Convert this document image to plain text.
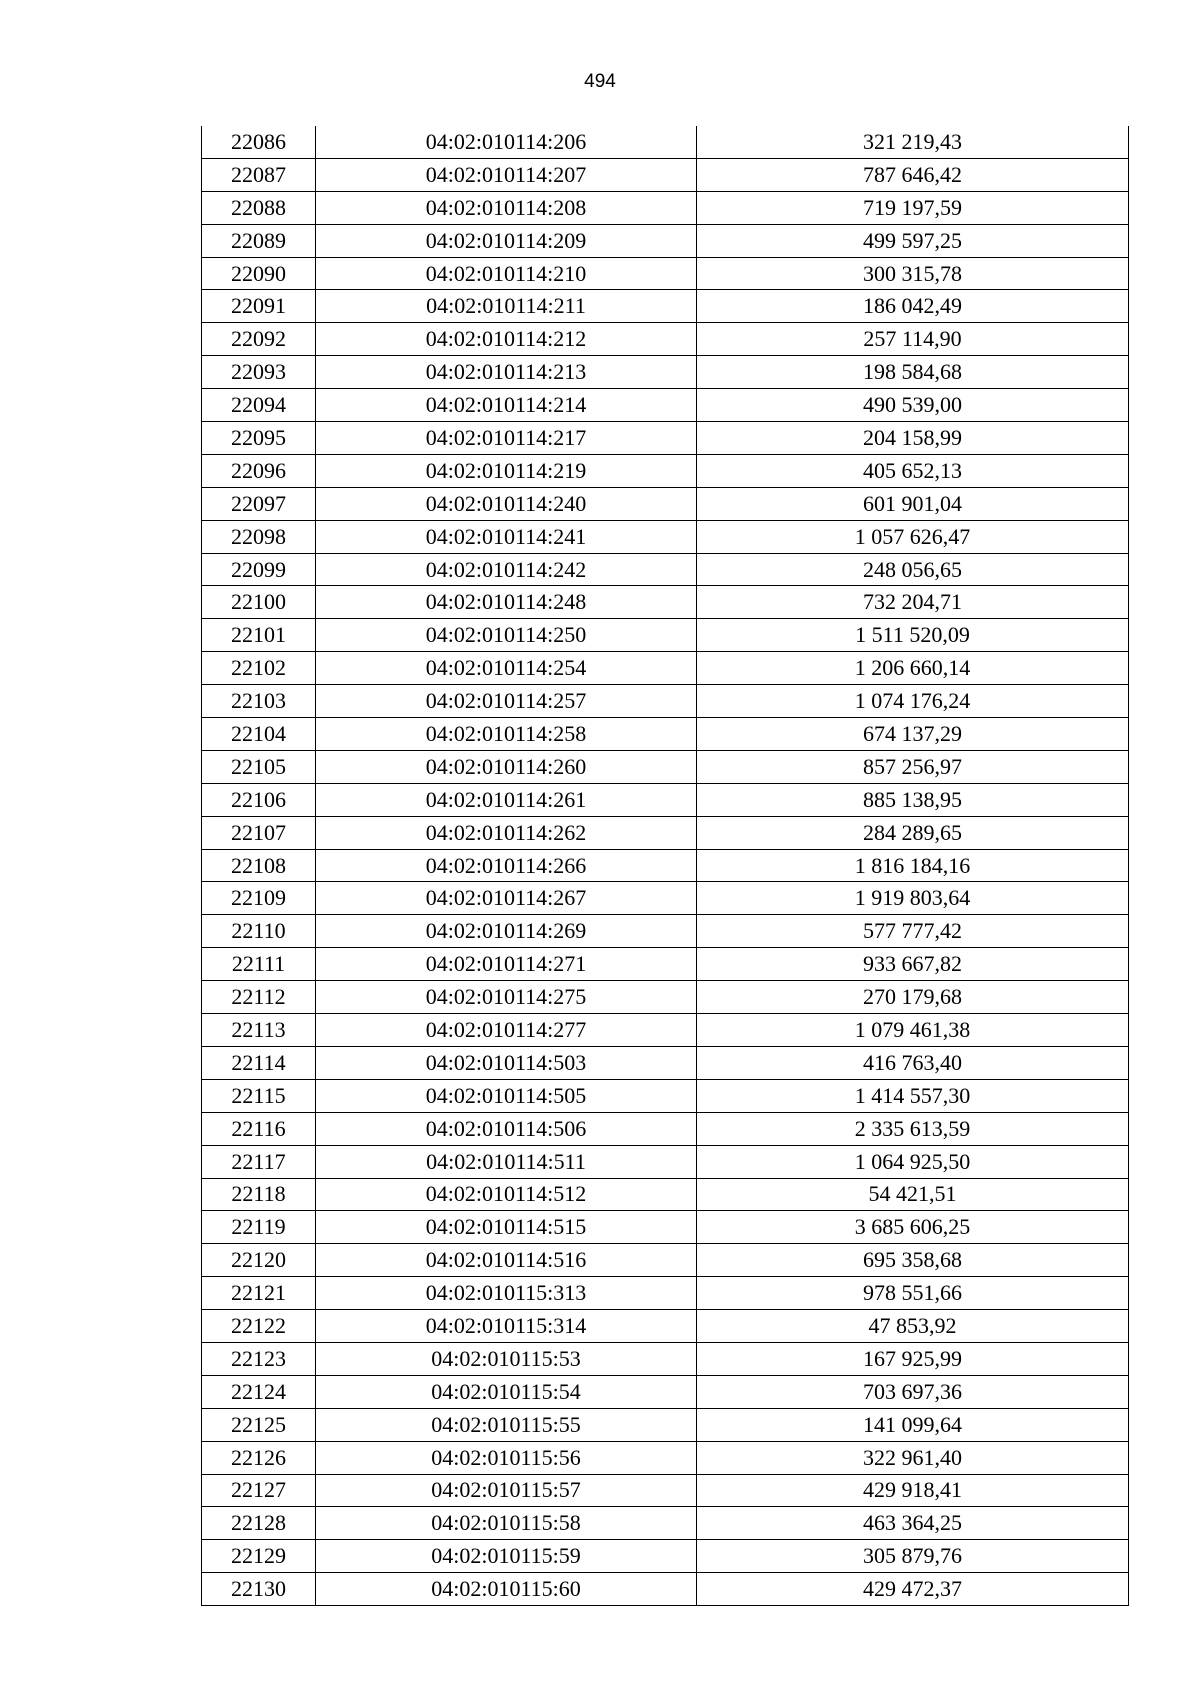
494
22086	04:02:010114:206	321 219,43
22087	04:02:010114:207	787 646,42
22088	04:02:010114:208	719 197,59
22089	04:02:010114:209	499 597,25
22090	04:02:010114:210	300 315,78
22091	04:02:010114:211	186 042,49
22092	04:02:010114:212	257 114,90
22093	04:02:010114:213	198 584,68
22094	04:02:010114:214	490 539,00
22095	04:02:010114:217	204 158,99
22096	04:02:010114:219	405 652,13
22097	04:02:010114:240	601 901,04
22098	04:02:010114:241	1 057 626,47
22099	04:02:010114:242	248 056,65
22100	04:02:010114:248	732 204,71
22101	04:02:010114:250	1 511 520,09
22102	04:02:010114:254	1 206 660,14
22103	04:02:010114:257	1 074 176,24
22104	04:02:010114:258	674 137,29
22105	04:02:010114:260	857 256,97
22106	04:02:010114:261	885 138,95
22107	04:02:010114:262	284 289,65
22108	04:02:010114:266	1 816 184,16
22109	04:02:010114:267	1 919 803,64
22110	04:02:010114:269	577 777,42
22111	04:02:010114:271	933 667,82
22112	04:02:010114:275	270 179,68
22113	04:02:010114:277	1 079 461,38
22114	04:02:010114:503	416 763,40
22115	04:02:010114:505	1 414 557,30
22116	04:02:010114:506	2 335 613,59
22117	04:02:010114:511	1 064 925,50
22118	04:02:010114:512	54 421,51
22119	04:02:010114:515	3 685 606,25
22120	04:02:010114:516	695 358,68
22121	04:02:010115:313	978 551,66
22122	04:02:010115:314	47 853,92
22123	04:02:010115:53	167 925,99
22124	04:02:010115:54	703 697,36
22125	04:02:010115:55	141 099,64
22126	04:02:010115:56	322 961,40
22127	04:02:010115:57	429 918,41
22128	04:02:010115:58	463 364,25
22129	04:02:010115:59	305 879,76
22130	04:02:010115:60	429 472,37
